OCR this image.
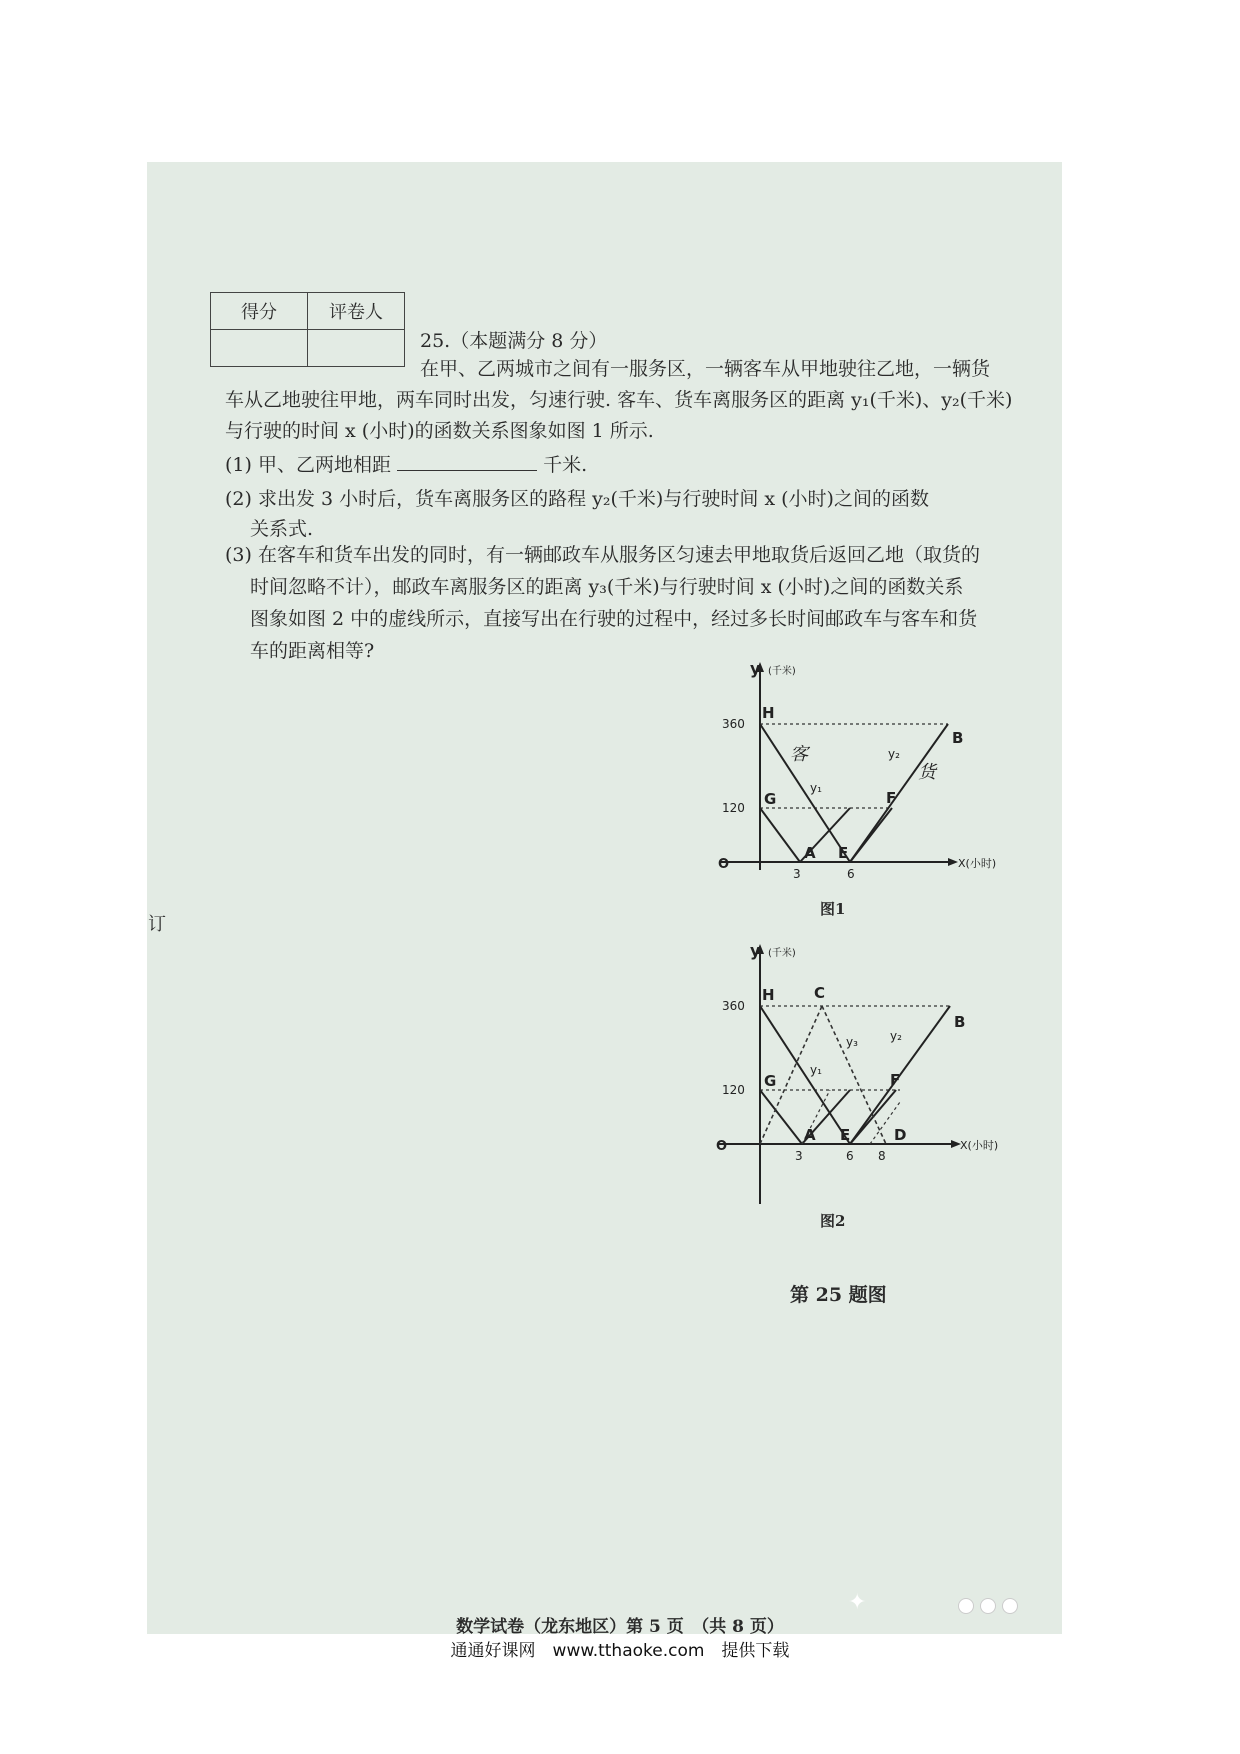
得分	评卷人

25.（本题满分 8 分）
在甲、乙两城市之间有一服务区，一辆客车从甲地驶往乙地，一辆货
车从乙地驶往甲地，两车同时出发，匀速行驶. 客车、货车离服务区的距离 y₁(千米)、y₂(千米)
与行驶的时间 x (小时)的函数关系图象如图 1 所示.
(1) 甲、乙两地相距	千米.
(2) 求出发 3 小时后，货车离服务区的路程 y₂(千米)与行驶时间 x (小时)之间的函数
关系式.
(3) 在客车和货车出发的同时，有一辆邮政车从服务区匀速去甲地取货后返回乙地（取货的
时间忽略不计），邮政车离服务区的距离 y₃(千米)与行驶时间 x (小时)之间的函数关系
图象如图 2 中的虚线所示，直接写出在行驶的过程中，经过多长时间邮政车与客车和货
车的距离相等?
订
y (千米)
X(小时)
O
360
120
3	6
H
G
A E
F
B
y₁
y₂
客
货
图1
y (千米)
X(小时)
O
360
120
3	6 8
H	C
G
A E
F
B
D
y₁
y₂
y₃
图2
第 25 题图
数学试卷（龙东地区）第 5 页　（共 8 页）
✦
通通好课网　www.tthaoke.com　提供下载
